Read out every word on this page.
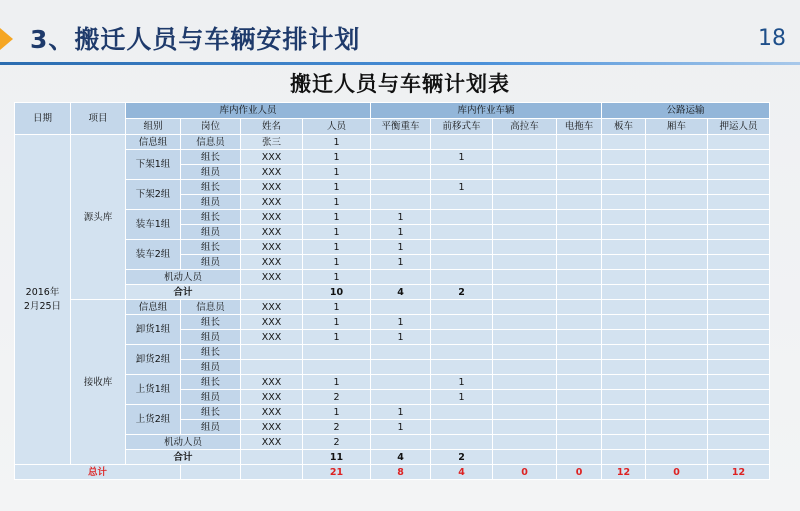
3、搬迁人员与车辆安排计划	18
搬迁人员与车辆计划表
日期	项目	库内作业人员				库内作业车辆				公路运输		
		组别	岗位	姓名	人员	平衡重车	前移式车	高拉车	电拖车	板车	厢车	押运人员
2016年
2月25日	源头库	信息组	信息员	张三	1							
		下架1组	组长	XXX	1		1					
			组员	XXX	1							
		下架2组	组长	XXX	1		1					
			组员	XXX	1							
		装车1组	组长	XXX	1	1						
			组员	XXX	1	1						
		装车2组	组长	XXX	1	1						
			组员	XXX	1	1						
		机动人员		XXX	1							
		合计			10	4	2					
	接收库	信息组	信息员	XXX	1							
		卸货1组	组长	XXX	1	1						
			组员	XXX	1	1						
		卸货2组	组长									
			组员									
		上货1组	组长	XXX	1		1					
			组员	XXX	2		1					
		上货2组	组长	XXX	1	1						
			组员	XXX	2	1						
		机动人员		XXX	2							
		合计			11	4	2					
总计					21	8	4	0	0	12	0	12
